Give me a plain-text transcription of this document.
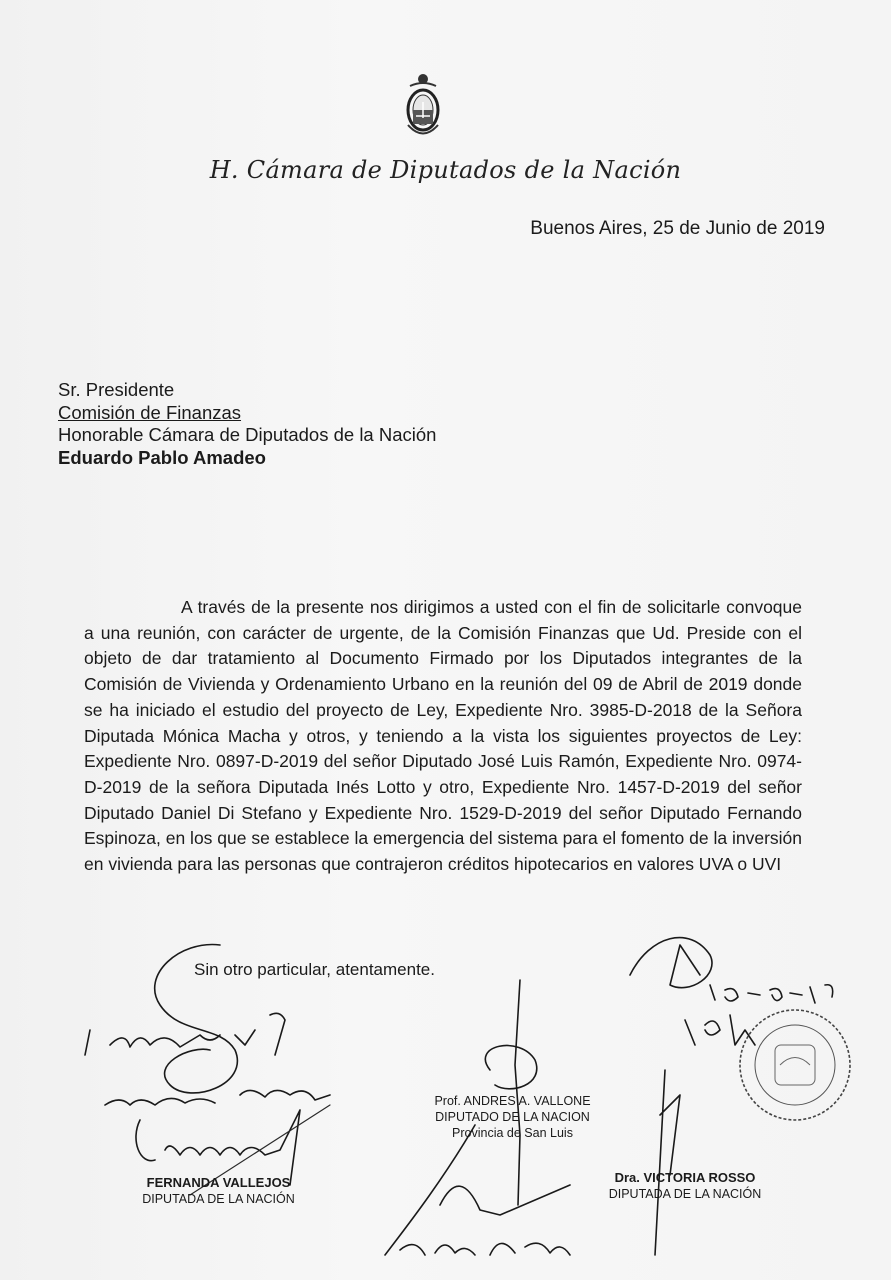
H. Cámara de Diputados de la Nación
Buenos Aires, 25 de Junio de 2019
Sr. Presidente
Comisión de Finanzas
Honorable Cámara de Diputados de la Nación
Eduardo Pablo Amadeo

A través de la presente nos dirigimos a usted con el fin de solicitarle convoque a una reunión, con carácter de urgente, de la Comisión Finanzas que Ud. Preside con el objeto de dar tratamiento al Documento Firmado por los Diputados integrantes de la Comisión de Vivienda y Ordenamiento Urbano en la reunión del 09 de Abril de 2019 donde se ha iniciado el estudio del proyecto de Ley, Expediente Nro. 3985-D-2018 de la Señora Diputada Mónica Macha y otros, y teniendo a la vista los siguientes proyectos de Ley: Expediente Nro. 0897-D-2019 del señor Diputado José Luis Ramón, Expediente Nro. 0974-D-2019 de la señora Diputada Inés Lotto y otro, Expediente Nro. 1457-D-2019 del señor Diputado Daniel Di Stefano y Expediente Nro. 1529-D-2019 del señor Diputado Fernando Espinoza, en los que se establece la emergencia del sistema para el fomento de la inversión en vivienda para las personas que contrajeron créditos hipotecarios en valores UVA o UVI

Sin otro particular, atentamente.
FERNANDA VALLEJOS
DIPUTADA DE LA NACIÓN
Prof. ANDRES A. VALLONE
DIPUTADO DE LA NACION
Provincia de San Luis
Dra. VICTORIA ROSSO
DIPUTADA DE LA NACIÓN
